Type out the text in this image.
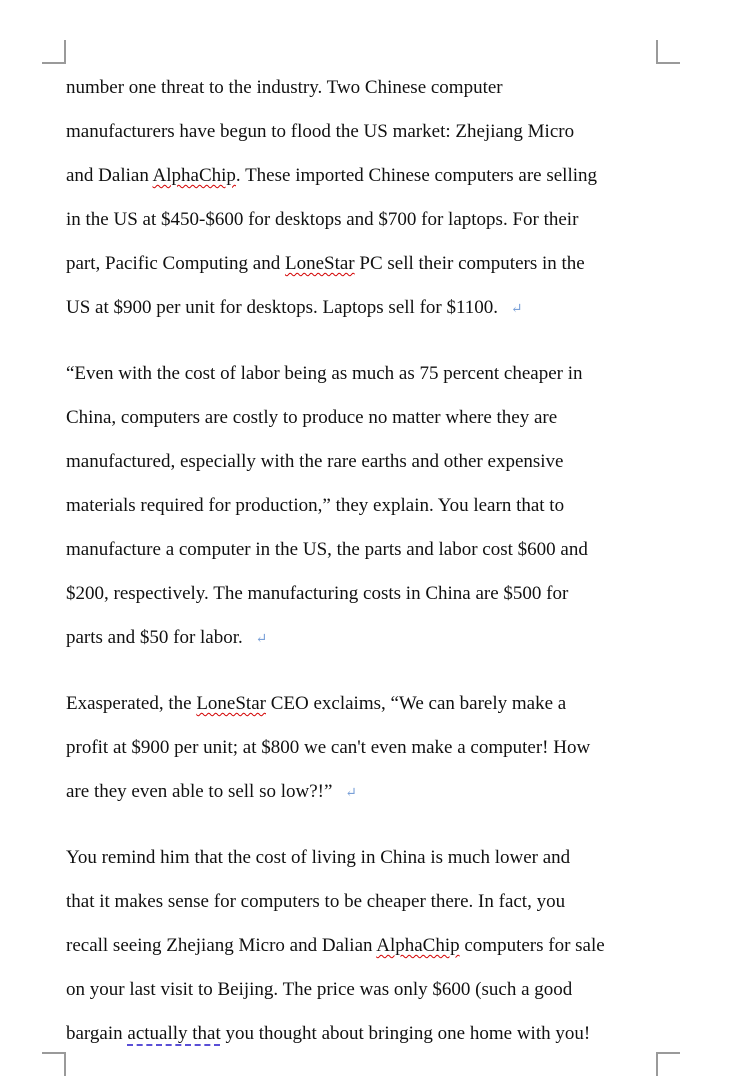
number one threat to the industry. Two Chinese computer
manufacturers have begun to flood the US market: Zhejiang Micro
and Dalian AlphaChip. These imported Chinese computers are selling
in the US at $450-$600 for desktops and $700 for laptops. For their
part, Pacific Computing and LoneStar PC sell their computers in the
US at $900 per unit for desktops. Laptops sell for $1100. ↵
“Even with the cost of labor being as much as 75 percent cheaper in
China, computers are costly to produce no matter where they are
manufactured, especially with the rare earths and other expensive
materials required for production,” they explain. You learn that to
manufacture a computer in the US, the parts and labor cost $600 and
$200, respectively. The manufacturing costs in China are $500 for
parts and $50 for labor. ↵
Exasperated, the LoneStar CEO exclaims, “We can barely make a
profit at $900 per unit; at $800 we can't even make a computer! How
are they even able to sell so low?!” ↵
You remind him that the cost of living in China is much lower and
that it makes sense for computers to be cheaper there. In fact, you
recall seeing Zhejiang Micro and Dalian AlphaChip computers for sale
on your last visit to Beijing. The price was only $600 (such a good
bargain actually that you thought about bringing one home with you!
